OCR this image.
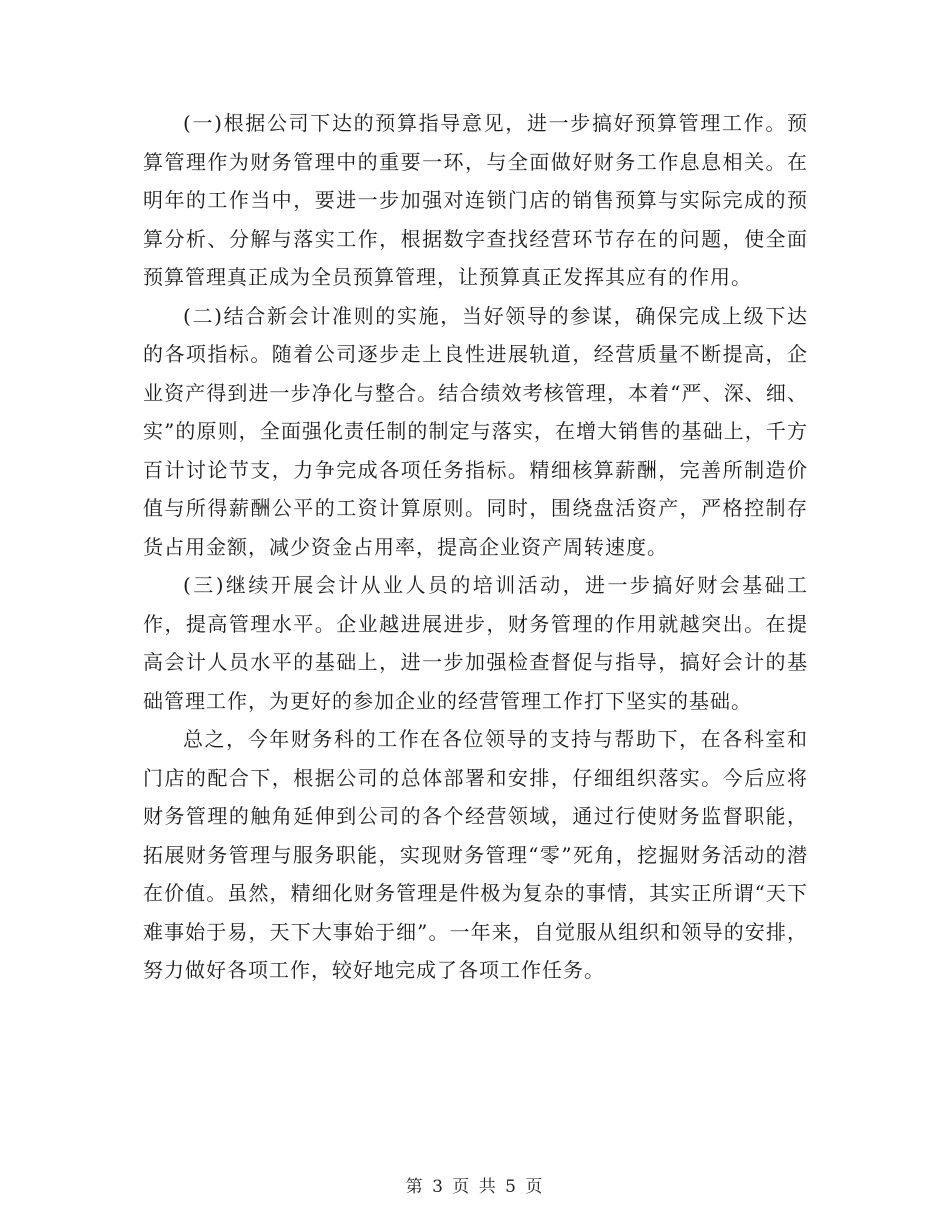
(一)根据公司下达的预算指导意见，进一步搞好预算管理工作。预算管理作为财务管理中的重要一环，与全面做好财务工作息息相关。在明年的工作当中，要进一步加强对连锁门店的销售预算与实际完成的预算分析、分解与落实工作，根据数字查找经营环节存在的问题，使全面预算管理真正成为全员预算管理，让预算真正发挥其应有的作用。

(二)结合新会计准则的实施，当好领导的参谋，确保完成上级下达的各项指标。随着公司逐步走上良性进展轨道，经营质量不断提高，企业资产得到进一步净化与整合。结合绩效考核管理，本着“严、深、细、实”的原则，全面强化责任制的制定与落实，在增大销售的基础上，千方百计讨论节支，力争完成各项任务指标。精细核算薪酬，完善所制造价值与所得薪酬公平的工资计算原则。同时，围绕盘活资产，严格控制存货占用金额，减少资金占用率，提高企业资产周转速度。

(三)继续开展会计从业人员的培训活动，进一步搞好财会基础工作，提高管理水平。企业越进展进步，财务管理的作用就越突出。在提高会计人员水平的基础上，进一步加强检查督促与指导，搞好会计的基础管理工作，为更好的参加企业的经营管理工作打下坚实的基础。

总之，今年财务科的工作在各位领导的支持与帮助下，在各科室和门店的配合下，根据公司的总体部署和安排，仔细组织落实。今后应将财务管理的触角延伸到公司的各个经营领域，通过行使财务监督职能，拓展财务管理与服务职能，实现财务管理“零”死角，挖掘财务活动的潜在价值。虽然，精细化财务管理是件极为复杂的事情，其实正所谓“天下难事始于易，天下大事始于细”。一年来，自觉服从组织和领导的安排，努力做好各项工作，较好地完成了各项工作任务。

第 3 页 共 5 页
